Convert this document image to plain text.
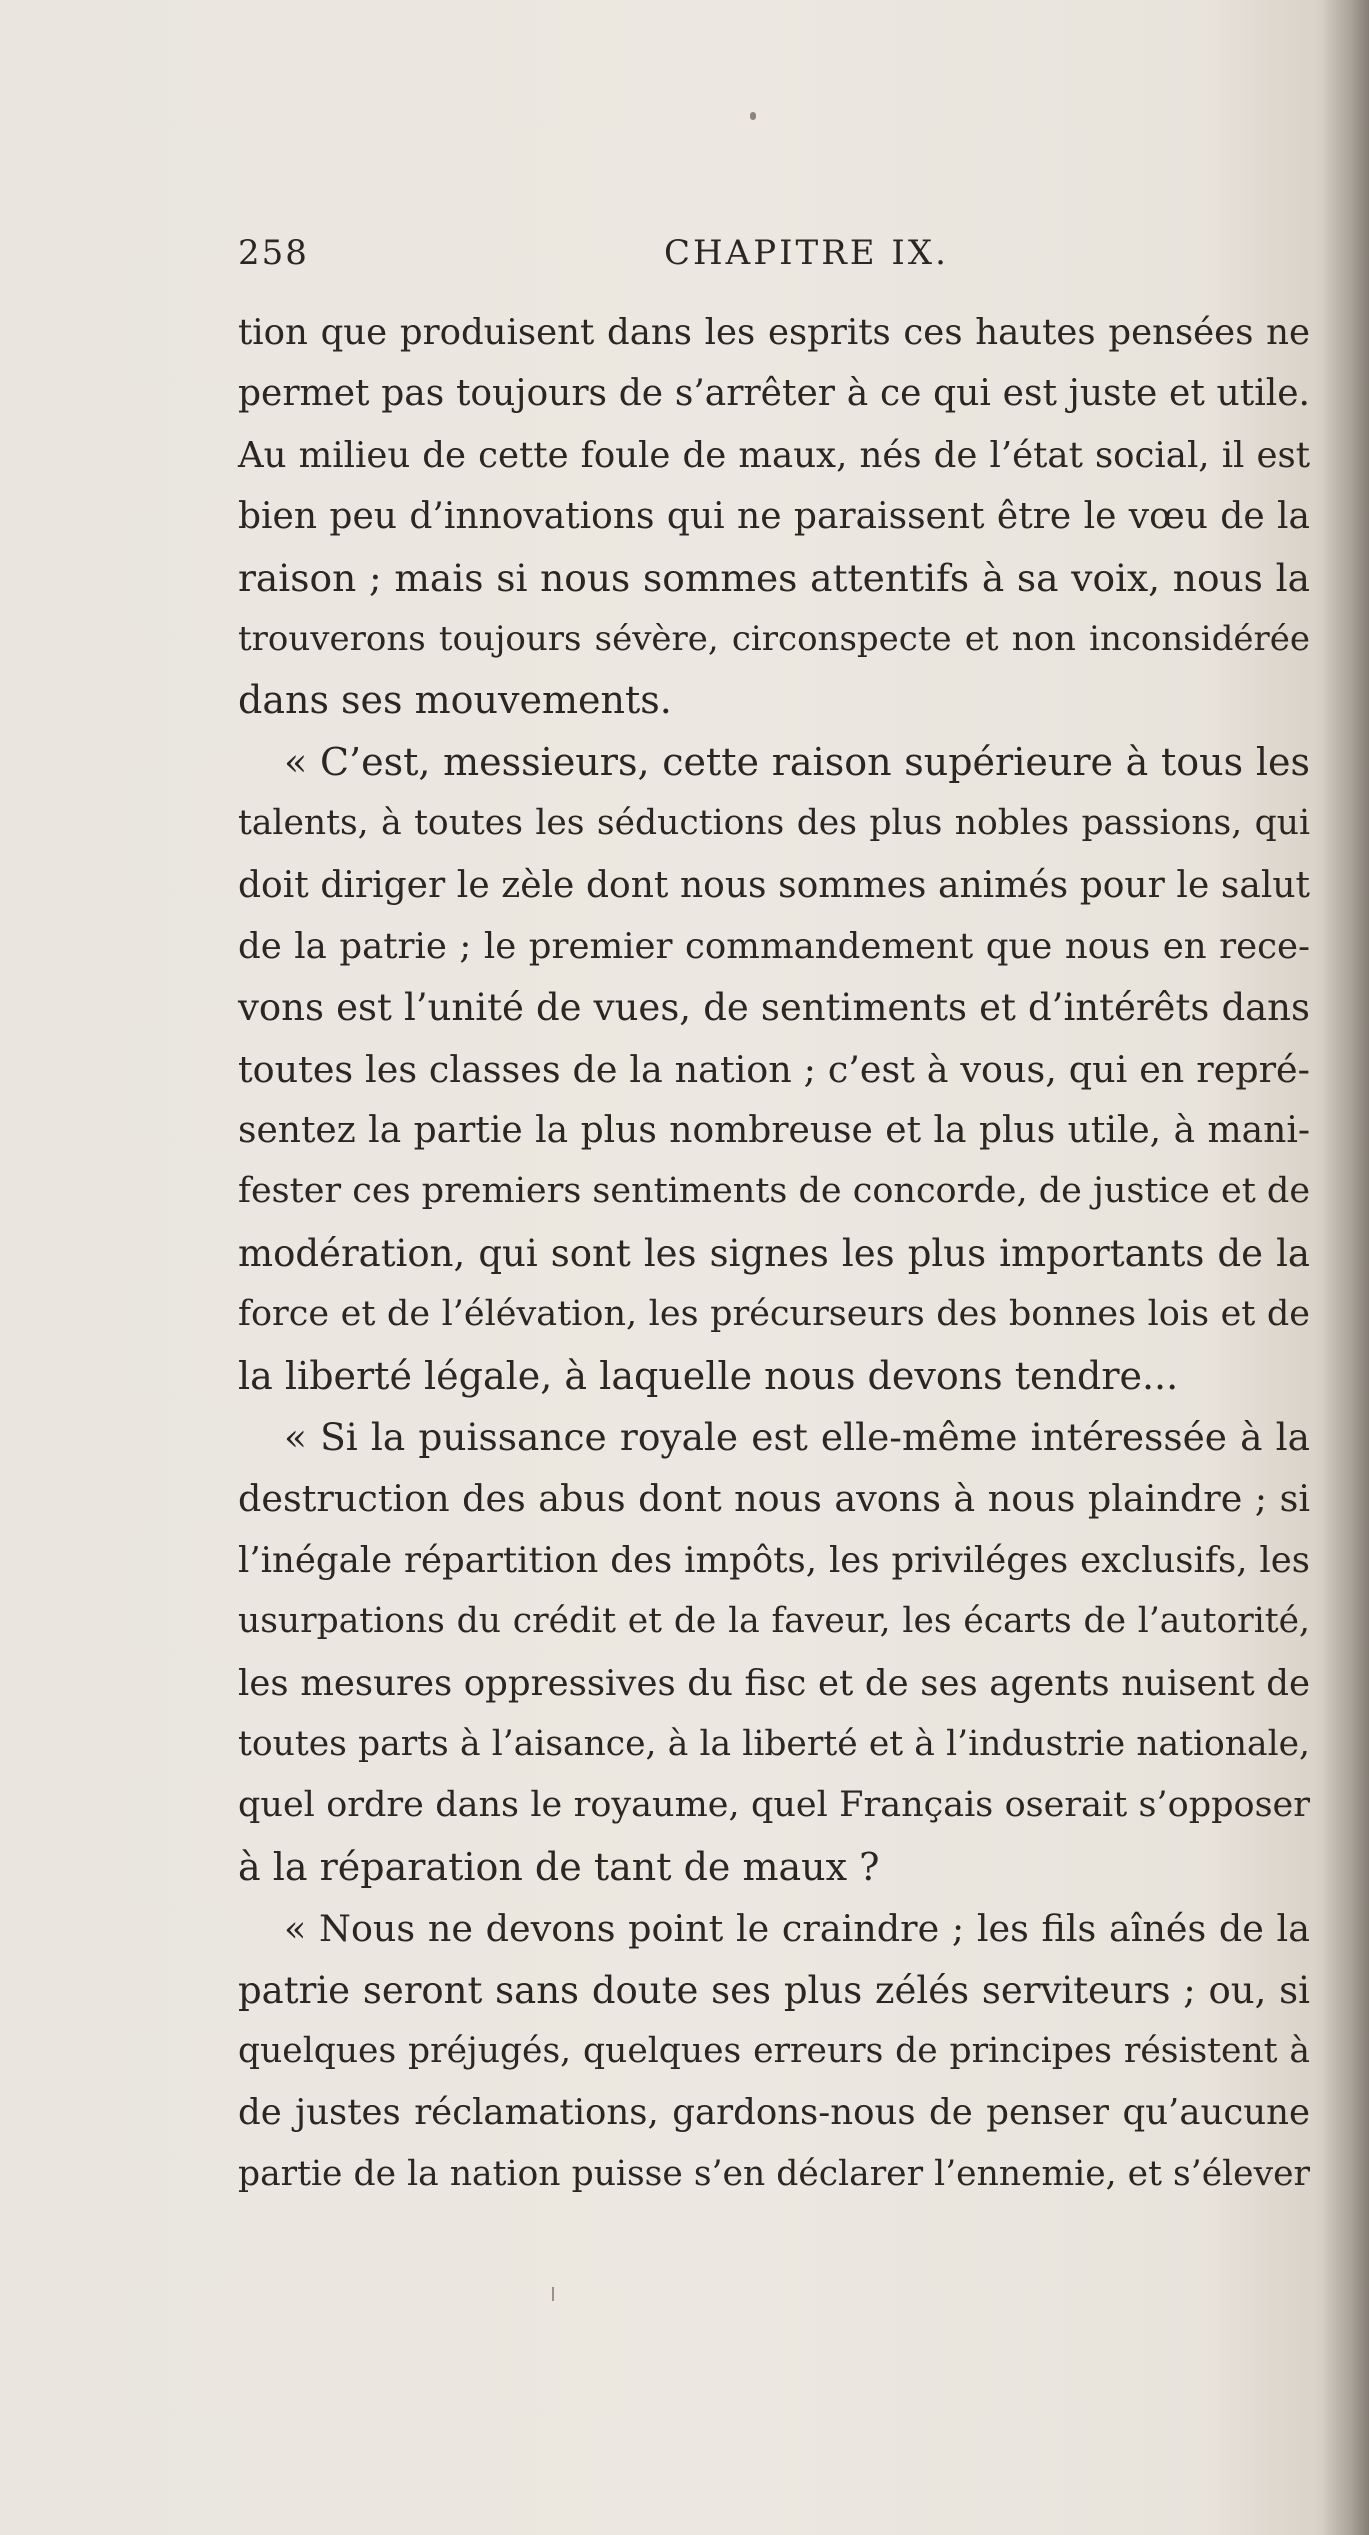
258	CHAPITRE IX.
tion que produisent dans les esprits ces hautes pensées ne
permet pas toujours de s’arrêter à ce qui est juste et utile.
Au milieu de cette foule de maux, nés de l’état social, il est
bien peu d’innovations qui ne paraissent être le vœu de la
raison ; mais si nous sommes attentifs à sa voix, nous la
trouverons toujours sévère, circonspecte et non inconsidérée
dans ses mouvements.
« C’est, messieurs, cette raison supérieure à tous les
talents, à toutes les séductions des plus nobles passions, qui
doit diriger le zèle dont nous sommes animés pour le salut
de la patrie ; le premier commandement que nous en rece-
vons est l’unité de vues, de sentiments et d’intérêts dans
toutes les classes de la nation ; c’est à vous, qui en repré-
sentez la partie la plus nombreuse et la plus utile, à mani-
fester ces premiers sentiments de concorde, de justice et de
modération, qui sont les signes les plus importants de la
force et de l’élévation, les précurseurs des bonnes lois et de
la liberté légale, à laquelle nous devons tendre...
« Si la puissance royale est elle-même intéressée à la
destruction des abus dont nous avons à nous plaindre ; si
l’inégale répartition des impôts, les priviléges exclusifs, les
usurpations du crédit et de la faveur, les écarts de l’autorité,
les mesures oppressives du fisc et de ses agents nuisent de
toutes parts à l’aisance, à la liberté et à l’industrie nationale,
quel ordre dans le royaume, quel Français oserait s’opposer
à la réparation de tant de maux ?
« Nous ne devons point le craindre ; les fils aînés de la
patrie seront sans doute ses plus zélés serviteurs ; ou, si
quelques préjugés, quelques erreurs de principes résistent à
de justes réclamations, gardons-nous de penser qu’aucune
partie de la nation puisse s’en déclarer l’ennemie, et s’élever
